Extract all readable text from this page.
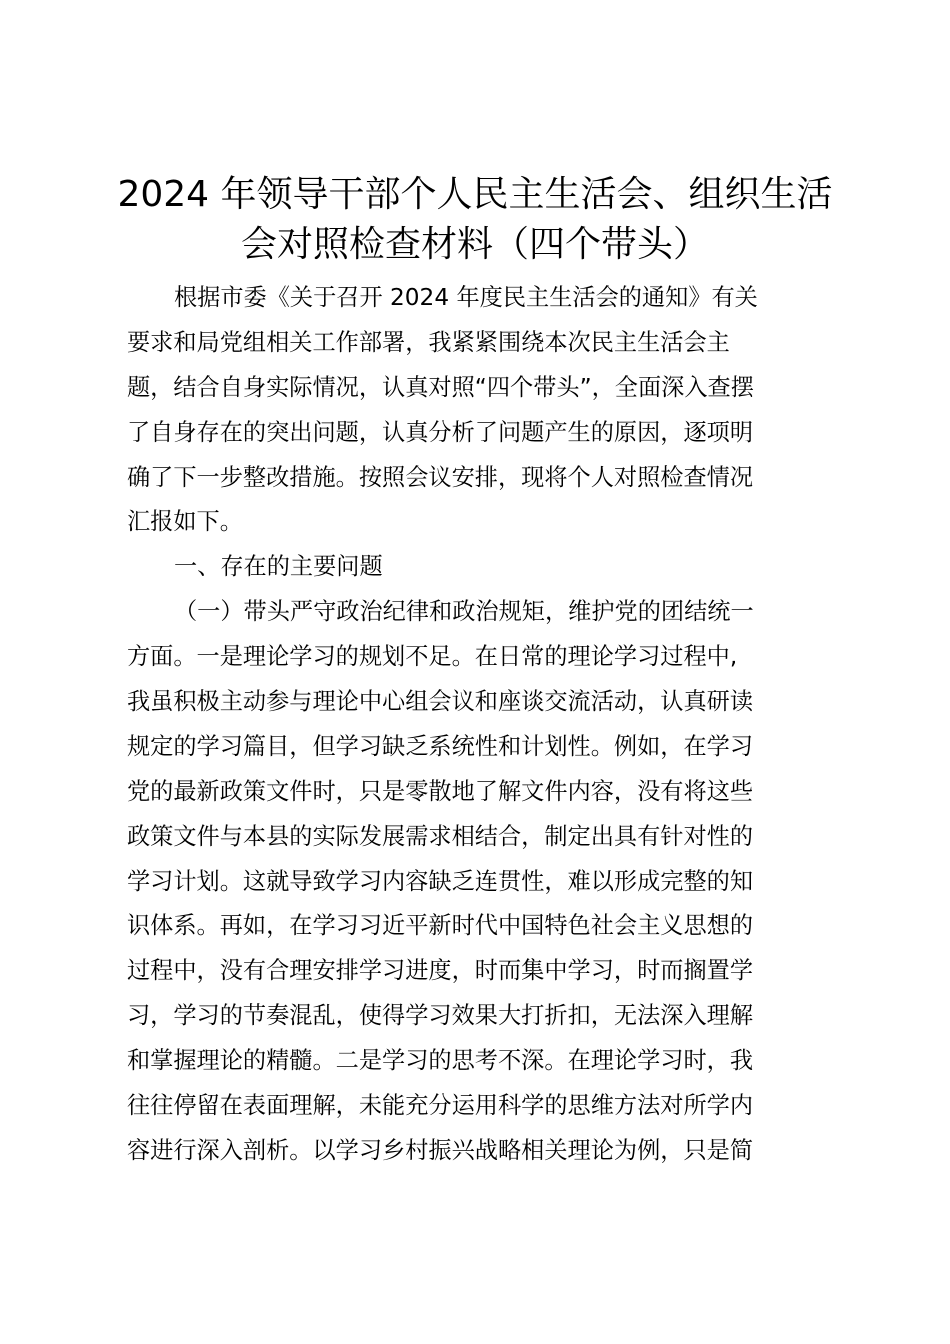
2024 年领导干部个人民主生活会、组织生活
会对照检查材料（四个带头）
根据市委《关于召开 2024 年度民主生活会的通知》有关
要求和局党组相关工作部署，我紧紧围绕本次民主生活会主
题，结合自身实际情况，认真对照“四个带头”，全面深入查摆
了自身存在的突出问题，认真分析了问题产生的原因，逐项明
确了下一步整改措施。按照会议安排，现将个人对照检查情况
汇报如下。
一、存在的主要问题
（一）带头严守政治纪律和政治规矩，维护党的团结统一
方面。一是理论学习的规划不足。在日常的理论学习过程中,
我虽积极主动参与理论中心组会议和座谈交流活动，认真研读
规定的学习篇目，但学习缺乏系统性和计划性。例如，在学习
党的最新政策文件时，只是零散地了解文件内容，没有将这些
政策文件与本县的实际发展需求相结合，制定出具有针对性的
学习计划。这就导致学习内容缺乏连贯性，难以形成完整的知
识体系。再如，在学习习近平新时代中国特色社会主义思想的
过程中，没有合理安排学习进度，时而集中学习，时而搁置学
习，学习的节奏混乱，使得学习效果大打折扣，无法深入理解
和掌握理论的精髓。二是学习的思考不深。在理论学习时，我
往往停留在表面理解，未能充分运用科学的思维方法对所学内
容进行深入剖析。以学习乡村振兴战略相关理论为例，只是简
